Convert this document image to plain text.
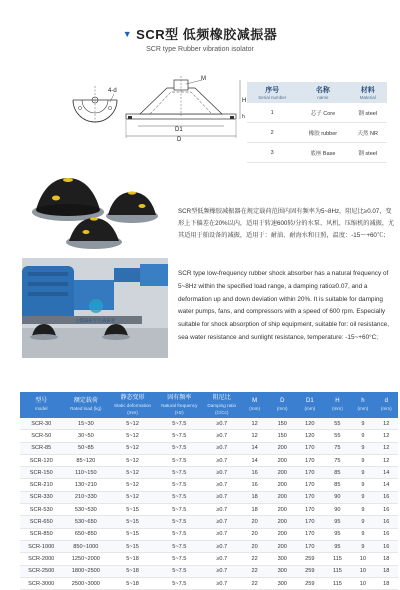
▼ SCR型 低频橡胶减振器
SCR type Rubber vibration isolator
4-d
M
H
h
D1
D
序号
Serial number	名称
name	材料
Material

1	芯子 Core	钢 steel
2	橡胶 rubber	天然 NR
3	底座 Base	钢 steel
立健减振专注减振业
SCR型低频橡胶减振器在规定载荷范围内固有频率为5~8Hz，阻尼比≥0.07，变形上下偏差在20%以内，适用于转速600转/分的水泵、风机、压缩机的减振，尤其适用于舶设备的减振，适用于：耐油、耐海水和日照，温度：-15～+60℃；
SCR type low-frequency rubber shock absorber has a natural frequency of 5~8Hz within the specified load range, a damping ratio≥0.07, and a deformation up and down deviation within 20%. It is suitable for damping water pumps, fans, and compressors with a speed of 600 rpm. Especially suitable for shock absorption of ship equipment, suitable for: oil resistance, sea water resistance and sunlight resistance, temperature: -15~+60°C;
型号
model	额定载荷
Rated load (kg)	静态变形
Static deformation (mm)	固有频率
Natural frequency (Hz)	阻尼比
Damping ratio (C/Cc)	M
(mm)	D
(mm)	D1
(mm)	H
(mm)	h
(mm)	d
(mm)

SCR-30	15~30	5~12	5~7.5	≥0.7	12	150	120	55	9	12
SCR-50	30~50	5~12	5~7.5	≥0.7	12	150	120	55	9	12
SCR-85	50~85	5~12	5~7.5	≥0.7	14	200	170	75	9	12
SCR-120	85~120	5~12	5~7.5	≥0.7	14	200	170	75	9	12
SCR-150	110~150	5~12	5~7.5	≥0.7	16	200	170	85	9	14
SCR-210	130~210	5~12	5~7.5	≥0.7	16	200	170	85	9	14
SCR-330	210~330	5~12	5~7.5	≥0.7	18	200	170	90	9	16
SCR-530	530~530	5~15	5~7.5	≥0.7	18	200	170	90	9	16
SCR-650	530~650	5~15	5~7.5	≥0.7	20	200	170	95	9	16
SCR-850	650~850	5~15	5~7.5	≥0.7	20	200	170	95	9	16
SCR-1000	850~1000	5~15	5~7.5	≥0.7	20	200	170	95	9	16
SCR-2000	1250~2000	5~18	5~7.5	≥0.7	22	300	259	115	10	18
SCR-2500	1800~2500	5~18	5~7.5	≥0.7	22	300	259	115	10	18
SCR-3000	2500~3000	5~18	5~7.5	≥0.7	22	300	259	115	10	18
